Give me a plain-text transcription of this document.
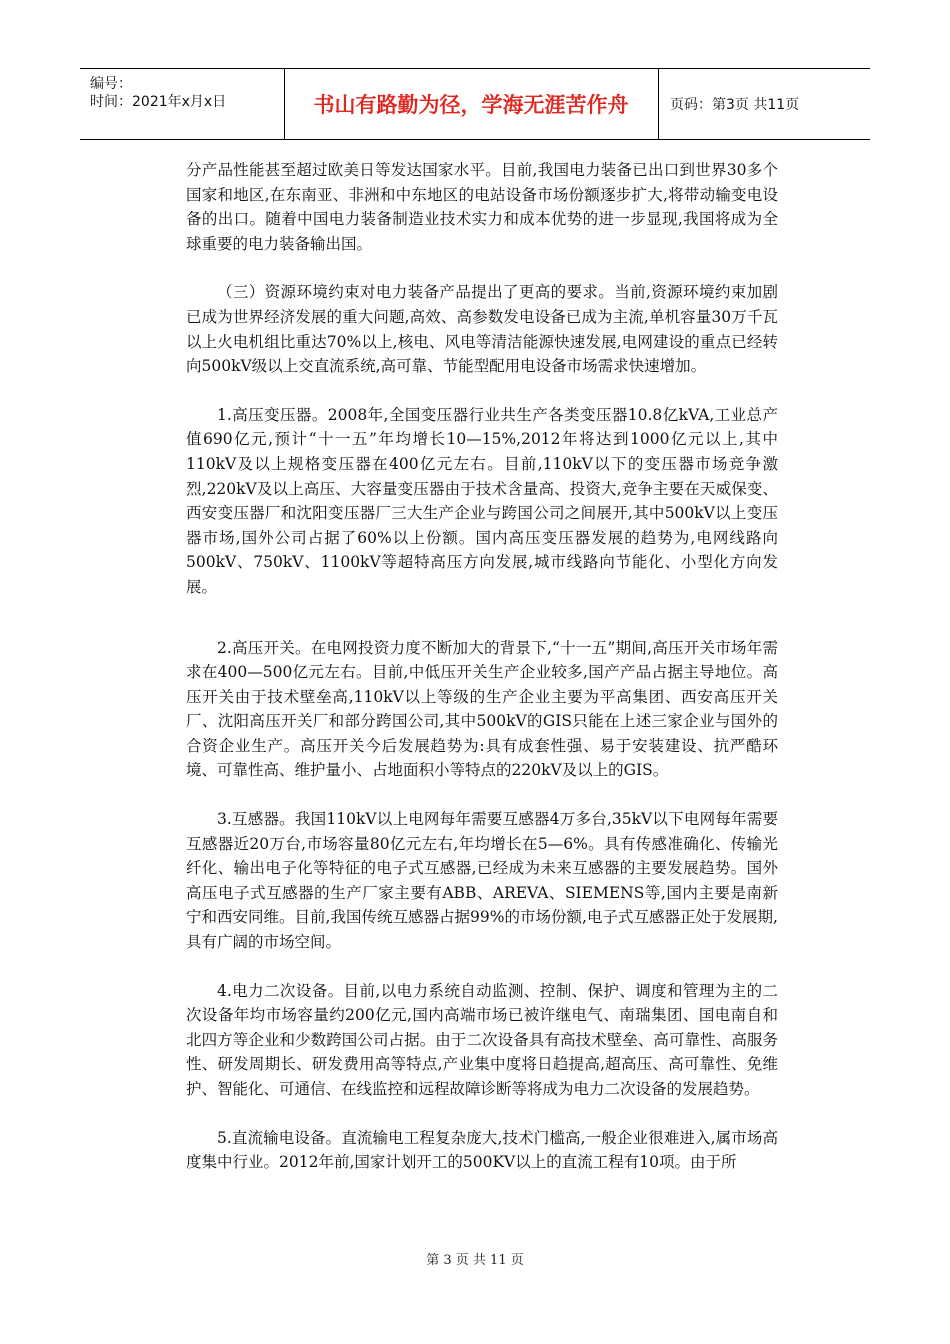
编号：
时间：2021年x月x日	书山有路勤为径，学海无涯苦作舟	页码：第3页 共11页

分产品性能甚至超过欧美日等发达国家水平。目前,我国电力装备已出口到世界30多个国家和地区,在东南亚、非洲和中东地区的电站设备市场份额逐步扩大,将带动输变电设备的出口。随着中国电力装备制造业技术实力和成本优势的进一步显现,我国将成为全球重要的电力装备输出国。

（三）资源环境约束对电力装备产品提出了更高的要求。当前,资源环境约束加剧已成为世界经济发展的重大问题,高效、高参数发电设备已成为主流,单机容量30万千瓦以上火电机组比重达70%以上,核电、风电等清洁能源快速发展,电网建设的重点已经转向500kV级以上交直流系统,高可靠、节能型配用电设备市场需求快速增加。

1.高压变压器。2008年,全国变压器行业共生产各类变压器10.8亿kVA,工业总产值690亿元,预计“十一五”年均增长10—15%,2012年将达到1000亿元以上,其中110kV及以上规格变压器在400亿元左右。目前,110kV以下的变压器市场竞争激烈,220kV及以上高压、大容量变压器由于技术含量高、投资大,竞争主要在天威保变、西安变压器厂和沈阳变压器厂三大生产企业与跨国公司之间展开,其中500kV以上变压器市场,国外公司占据了60%以上份额。国内高压变压器发展的趋势为,电网线路向500kV、750kV、1100kV等超特高压方向发展,城市线路向节能化、小型化方向发展。

2.高压开关。在电网投资力度不断加大的背景下,“十一五”期间,高压开关市场年需求在400—500亿元左右。目前,中低压开关生产企业较多,国产产品占据主导地位。高压开关由于技术壁垒高,110kV以上等级的生产企业主要为平高集团、西安高压开关厂、沈阳高压开关厂和部分跨国公司,其中500kV的GIS只能在上述三家企业与国外的合资企业生产。高压开关今后发展趋势为:具有成套性强、易于安装建设、抗严酷环境、可靠性高、维护量小、占地面积小等特点的220kV及以上的GIS。

3.互感器。我国110kV以上电网每年需要互感器4万多台,35kV以下电网每年需要互感器近20万台,市场容量80亿元左右,年均增长在5—6%。具有传感准确化、传输光纤化、输出电子化等特征的电子式互感器,已经成为未来互感器的主要发展趋势。国外高压电子式互感器的生产厂家主要有ABB、AREVA、SIEMENS等,国内主要是南新宁和西安同维。目前,我国传统互感器占据99%的市场份额,电子式互感器正处于发展期,具有广阔的市场空间。

4.电力二次设备。目前,以电力系统自动监测、控制、保护、调度和管理为主的二次设备年均市场容量约200亿元,国内高端市场已被许继电气、南瑞集团、国电南自和北四方等企业和少数跨国公司占据。由于二次设备具有高技术壁垒、高可靠性、高服务性、研发周期长、研发费用高等特点,产业集中度将日趋提高,超高压、高可靠性、免维护、智能化、可通信、在线监控和远程故障诊断等将成为电力二次设备的发展趋势。

5.直流输电设备。直流输电工程复杂庞大,技术门槛高,一般企业很难进入,属市场高度集中行业。2012年前,国家计划开工的500KV以上的直流工程有10项。由于所

第 3 页 共 11 页
